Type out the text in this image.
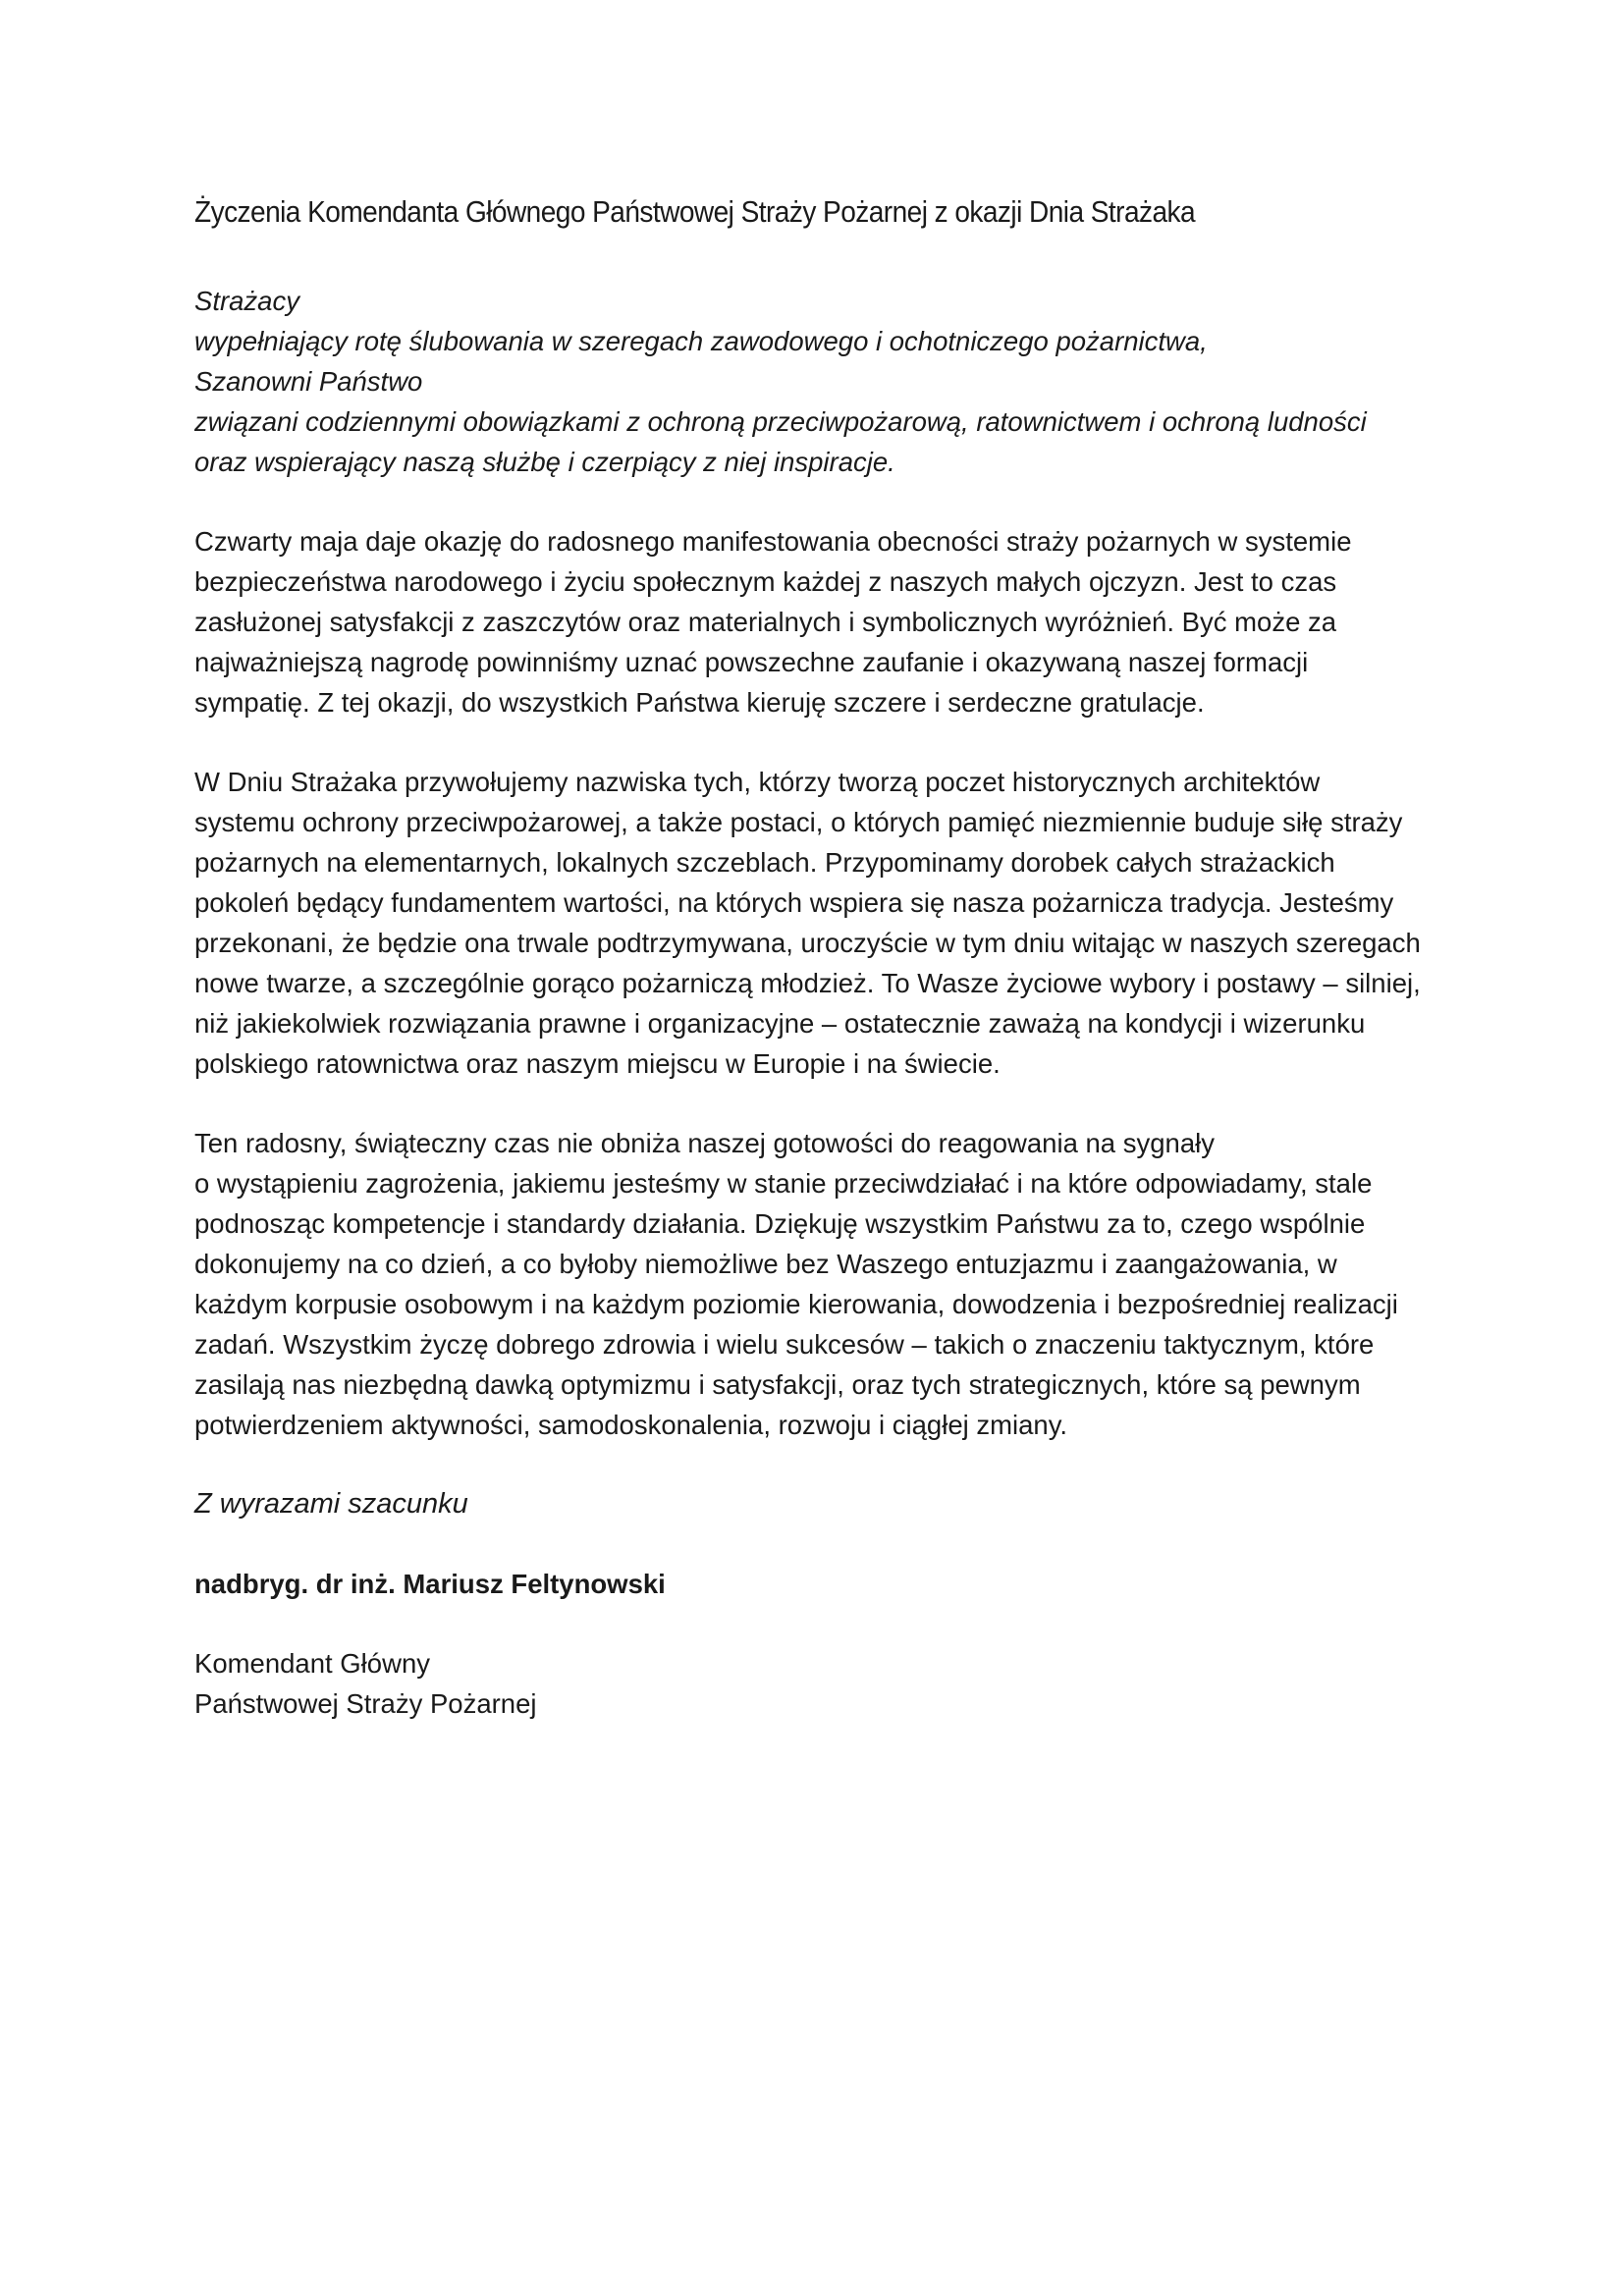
Życzenia Komendanta Głównego Państwowej Straży Pożarnej z okazji Dnia Strażaka
Strażacy
wypełniający rotę ślubowania w szeregach zawodowego i ochotniczego pożarnictwa,
Szanowni Państwo
związani codziennymi obowiązkami z ochroną przeciwpożarową, ratownictwem i ochroną ludności
oraz wspierający naszą służbę i czerpiący z niej inspiracje.
Czwarty maja daje okazję do radosnego manifestowania obecności straży pożarnych w systemie
bezpieczeństwa narodowego i życiu społecznym każdej z naszych małych ojczyzn. Jest to czas
zasłużonej satysfakcji z zaszczytów oraz materialnych i symbolicznych wyróżnień. Być może za
najważniejszą nagrodę powinniśmy uznać powszechne zaufanie i okazywaną naszej formacji
sympatię. Z tej okazji, do wszystkich Państwa kieruję szczere i serdeczne gratulacje.
W Dniu Strażaka przywołujemy nazwiska tych, którzy tworzą poczet historycznych architektów
systemu ochrony przeciwpożarowej, a także postaci, o których pamięć niezmiennie buduje siłę straży
pożarnych na elementarnych, lokalnych szczeblach. Przypominamy dorobek całych strażackich
pokoleń będący fundamentem wartości, na których wspiera się nasza pożarnicza tradycja. Jesteśmy
przekonani, że będzie ona trwale podtrzymywana, uroczyście w tym dniu witając w naszych szeregach
nowe twarze, a szczególnie gorąco pożarniczą młodzież. To Wasze życiowe wybory i postawy – silniej,
niż jakiekolwiek rozwiązania prawne i organizacyjne – ostatecznie zaważą na kondycji i wizerunku
polskiego ratownictwa oraz naszym miejscu w Europie i na świecie.
Ten radosny, świąteczny czas nie obniża naszej gotowości do reagowania na sygnały
o wystąpieniu zagrożenia, jakiemu jesteśmy w stanie przeciwdziałać i na które odpowiadamy, stale
podnosząc kompetencje i standardy działania. Dziękuję wszystkim Państwu za to, czego wspólnie
dokonujemy na co dzień, a co byłoby niemożliwe bez Waszego entuzjazmu i zaangażowania, w
każdym korpusie osobowym i na każdym poziomie kierowania, dowodzenia i bezpośredniej realizacji
zadań. Wszystkim życzę dobrego zdrowia i wielu sukcesów – takich o znaczeniu taktycznym, które
zasilają nas niezbędną dawką optymizmu i satysfakcji, oraz tych strategicznych, które są pewnym
potwierdzeniem aktywności, samodoskonalenia, rozwoju i ciągłej zmiany.
Z wyrazami szacunku
nadbryg. dr inż. Mariusz Feltynowski
Komendant Główny
Państwowej Straży Pożarnej
